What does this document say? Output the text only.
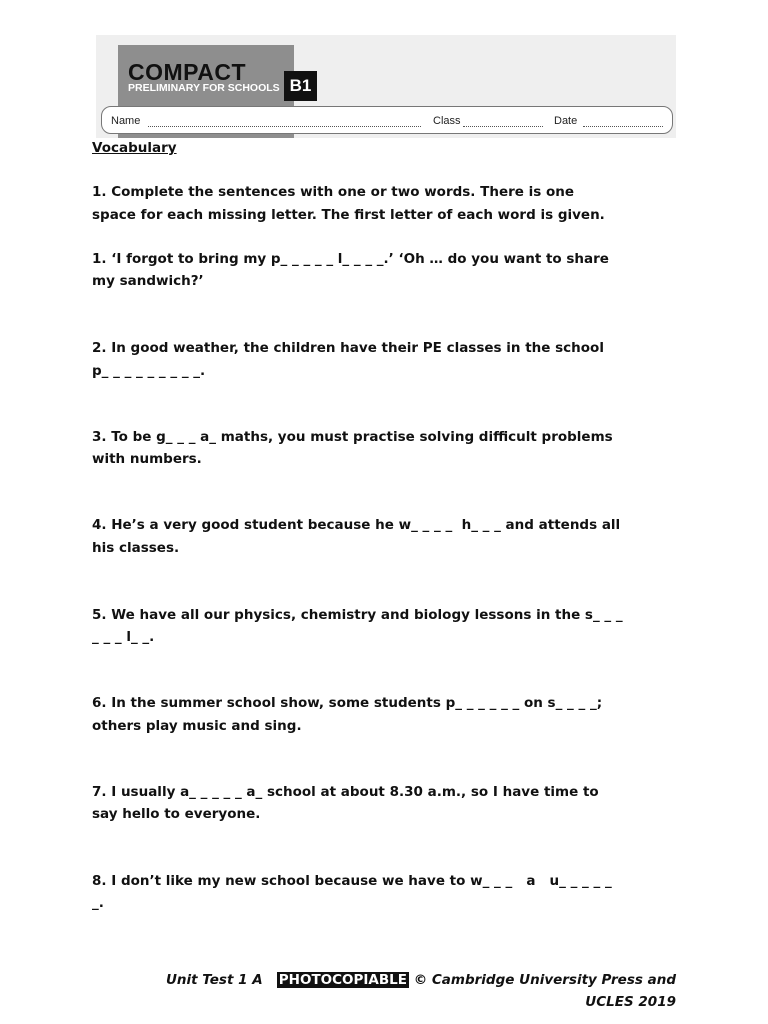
COMPACT
PRELIMINARY FOR SCHOOLS B1
Name	Class	Date
Vocabulary
1. Complete the sentences with one or two words. There is one
space for each missing letter. The first letter of each word is given.
1. ‘I forgot to bring my p_ _ _ _ _ l_ _ _ _.’ ‘Oh … do you want to share
my sandwich?’
2. In good weather, the children have their PE classes in the school
p_ _ _ _ _ _ _ _ _.
3. To be g_ _ _ a_ maths, you must practise solving difficult problems
with numbers.
4. He’s a very good student because he w_ _ _ _  h_ _ _ and attends all
his classes.
5. We have all our physics, chemistry and biology lessons in the s_ _ _
_ _ _ l_ _.
6. In the summer school show, some students p_ _ _ _ _ _ on s_ _ _ _;
others play music and sing.
7. I usually a_ _ _ _ _ a_ school at about 8.30 a.m., so I have time to
say hello to everyone.
8. I don’t like my new school because we have to w_ _ _   a   u_ _ _ _ _
_.
Unit Test 1 A PHOTOCOPIABLE © Cambridge University Press and
UCLES 2019
